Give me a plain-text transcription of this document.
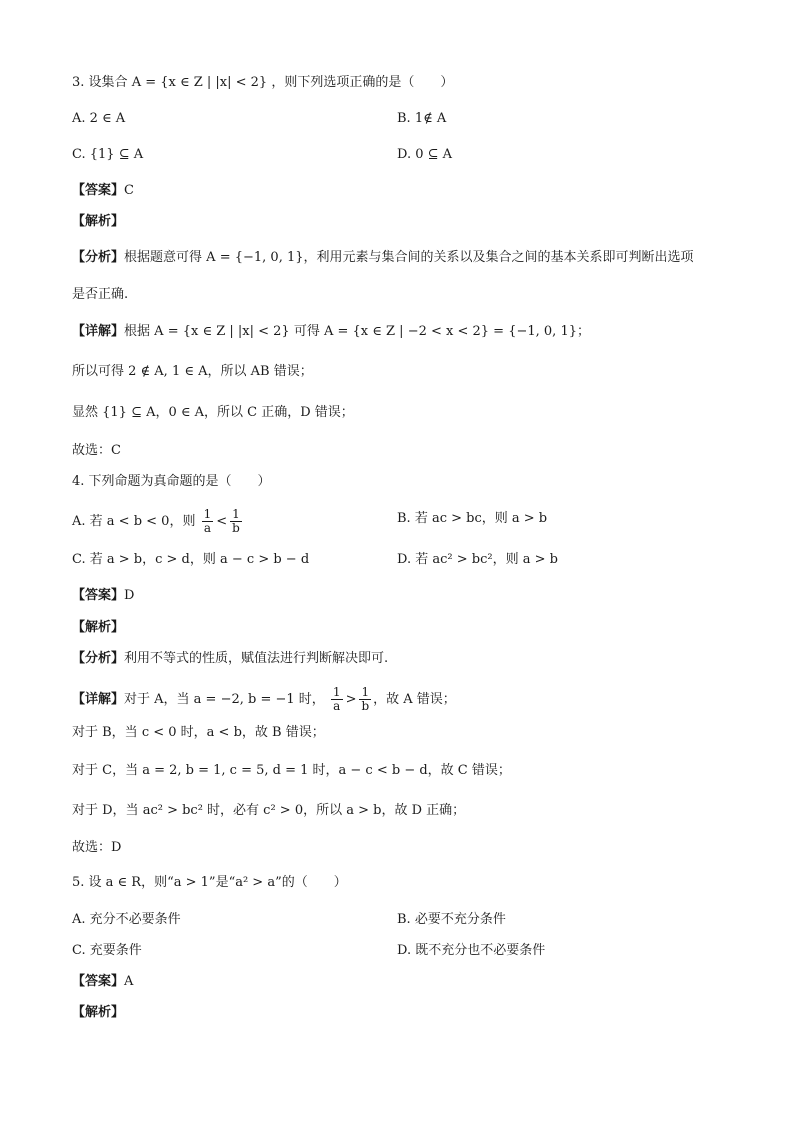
3. 设集合 A = {x ∈ Z | |x| < 2} ，则下列选项正确的是（　　）
A. 2 ∈ A	B. 1∉ A
C. {1} ⊆ A	D. 0 ⊆ A
【答案】C
【解析】
【分析】根据题意可得 A = {−1, 0, 1}，利用元素与集合间的关系以及集合之间的基本关系即可判断出选项
是否正确.
【详解】根据 A = {x ∈ Z | |x| < 2} 可得 A = {x ∈ Z | −2 < x < 2} = {−1, 0, 1}；
所以可得 2 ∉ A, 1 ∈ A，所以 AB 错误；
显然 {1} ⊆ A，0 ∈ A，所以 C 正确，D 错误；
故选：C
4. 下列命题为真命题的是（　　）
A. 若 a < b < 0，则 $\frac{1}{a} < \frac{1}{b}$	B. 若 ac > bc，则 a > b
C. 若 a > b，c > d，则 a − c > b − d	D. 若 ac² > bc²，则 a > b
【答案】D
【解析】
【分析】利用不等式的性质，赋值法进行判断解决即可.
【详解】对于 A，当 a = −2, b = −1 时， $\frac{1}{a} > \frac{1}{b}$ ，故 A 错误；
对于 B，当 c < 0 时，a < b，故 B 错误；
对于 C，当 a = 2, b = 1, c = 5, d = 1 时，a − c < b − d，故 C 错误；
对于 D，当 ac² > bc² 时，必有 c² > 0，所以 a > b，故 D 正确；
故选：D
5. 设 a ∈ R，则“a > 1”是“a² > a”的（　　）
A. 充分不必要条件	B. 必要不充分条件
C. 充要条件	D. 既不充分也不必要条件
【答案】A
【解析】
